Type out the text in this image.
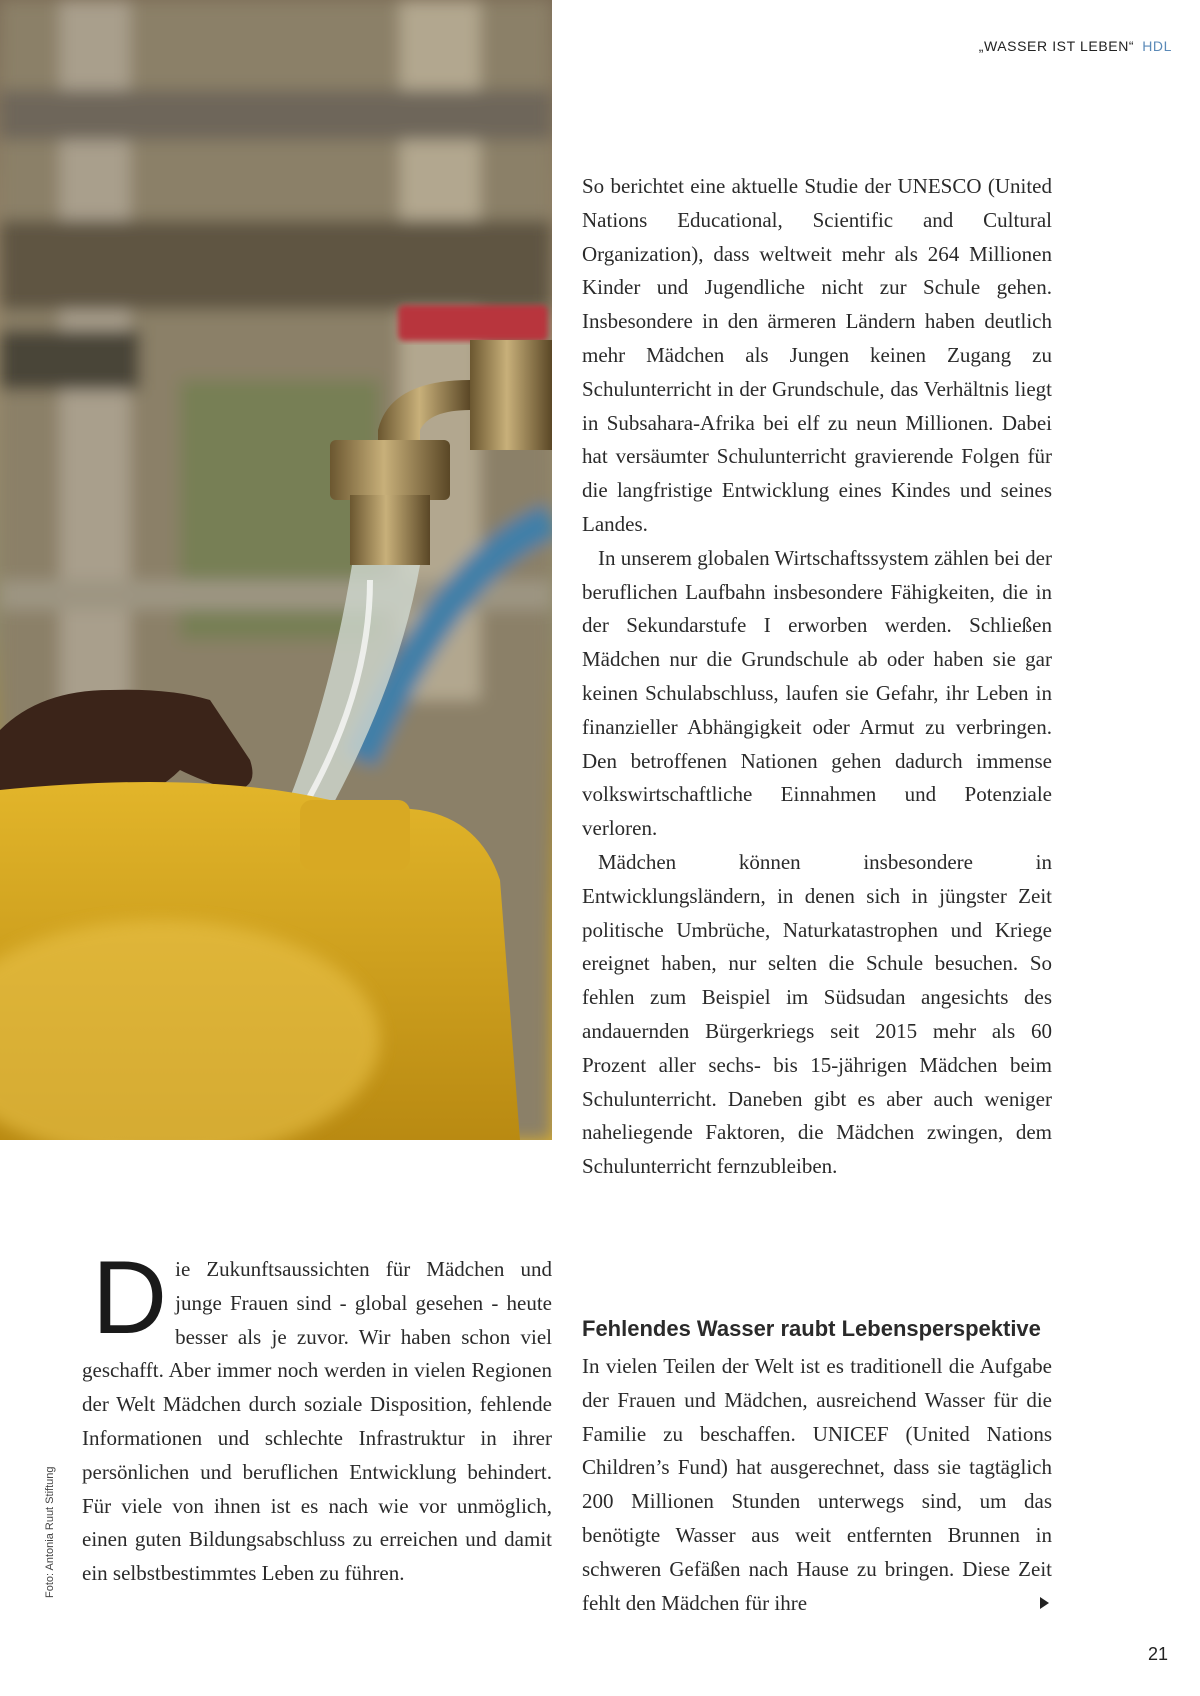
„WASSER IST LEBEN“ HDL

So berichtet eine aktuelle Studie der UNESCO (United Nations Educational, Scientific and Cultural Organization), dass weltweit mehr als 264 Millionen Kinder und Jugendliche nicht zur Schule gehen. Insbesondere in den ärmeren Ländern haben deutlich mehr Mädchen als Jungen keinen Zugang zu Schulunterricht in der Grundschule, das Verhältnis liegt in Subsahara-Afrika bei elf zu neun Millionen. Dabei hat versäumter Schulunterricht gravierende Folgen für die langfristige Entwicklung eines Kindes und seines Landes.

In unserem globalen Wirtschaftssystem zählen bei der beruflichen Laufbahn insbesondere Fähigkeiten, die in der Sekundarstufe I erworben werden. Schließen Mädchen nur die Grundschule ab oder haben sie gar keinen Schulabschluss, laufen sie Gefahr, ihr Leben in finanzieller Abhängigkeit oder Armut zu verbringen. Den betroffenen Nationen gehen dadurch immense volkswirtschaftliche Einnahmen und Potenziale verloren.

Mädchen können insbesondere in Entwicklungsländern, in denen sich in jüngster Zeit politische Umbrüche, Naturkatastrophen und Kriege ereignet haben, nur selten die Schule besuchen. So fehlen zum Beispiel im Südsudan angesichts des andauernden Bürgerkriegs seit 2015 mehr als 60 Prozent aller sechs- bis 15-jährigen Mädchen beim Schulunterricht. Daneben gibt es aber auch weniger naheliegende Faktoren, die Mädchen zwingen, dem Schulunterricht fernzubleiben.

Fehlendes Wasser raubt Lebensperspektive

In vielen Teilen der Welt ist es traditionell die Aufgabe der Frauen und Mädchen, ausreichend Wasser für die Familie zu beschaffen. UNICEF (United Nations Children’s Fund) hat ausgerechnet, dass sie tagtäglich 200 Millionen Stunden unterwegs sind, um das benötigte Wasser aus weit entfernten Brunnen in schweren Gefäßen nach Hause zu bringen. Diese Zeit fehlt den Mädchen für ihre

D ie Zukunftsaussichten für Mädchen und junge Frauen sind - global gesehen - heute besser als je zuvor. Wir haben schon viel geschafft. Aber immer noch werden in vielen Regionen der Welt Mädchen durch soziale Disposition, fehlende Informationen und schlechte Infrastruktur in ihrer persönlichen und beruflichen Entwicklung behindert. Für viele von ihnen ist es nach wie vor unmöglich, einen guten Bildungsabschluss zu erreichen und damit ein selbstbestimmtes Leben zu führen.
Foto: Antonia Ruut Stiftung
21
